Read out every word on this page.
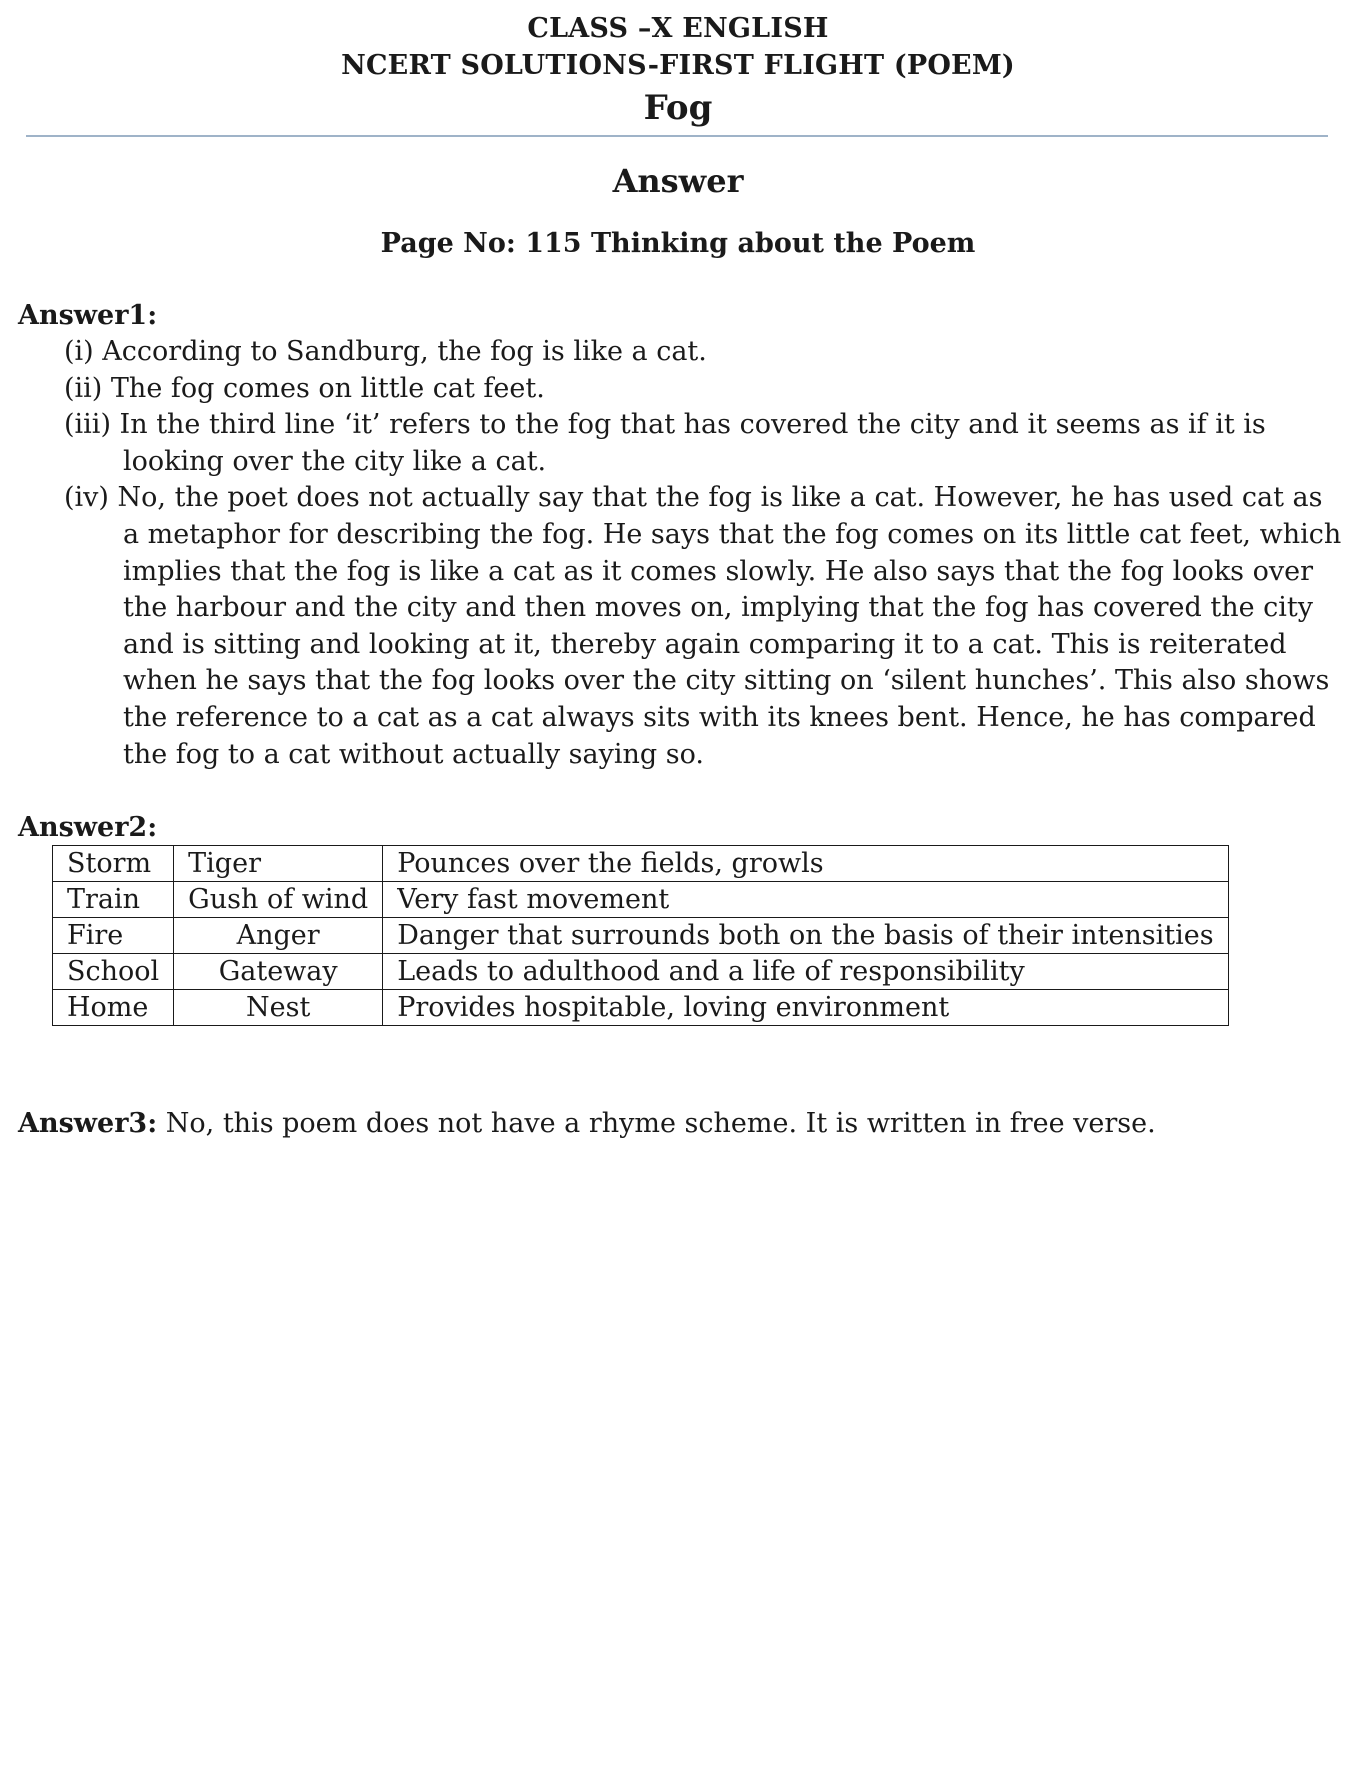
CLASS –X ENGLISH
NCERT SOLUTIONS-FIRST FLIGHT (POEM)
Fog
Answer
Page No: 115 Thinking about the Poem
Answer1:
(i) According to Sandburg, the fog is like a cat.
(ii) The fog comes on little cat feet.
(iii) In the third line ‘it’ refers to the fog that has covered the city and it seems as if it is looking over the city like a cat.
(iv) No, the poet does not actually say that the fog is like a cat. However, he has used cat as a metaphor for describing the fog. He says that the fog comes on its little cat feet, which implies that the fog is like a cat as it comes slowly. He also says that the fog looks over the harbour and the city and then moves on, implying that the fog has covered the city and is sitting and looking at it, thereby again comparing it to a cat. This is reiterated when he says that the fog looks over the city sitting on ‘silent hunches’. This also shows the reference to a cat as a cat always sits with its knees bent. Hence, he has compared the fog to a cat without actually saying so.
Answer2:
Storm	Tiger	Pounces over the fields, growls
Train	Gush of wind	Very fast movement
Fire	Anger	Danger that surrounds both on the basis of their intensities
School	Gateway	Leads to adulthood and a life of responsibility
Home	Nest	Provides hospitable, loving environment
Answer3: No, this poem does not have a rhyme scheme. It is written in free verse.
